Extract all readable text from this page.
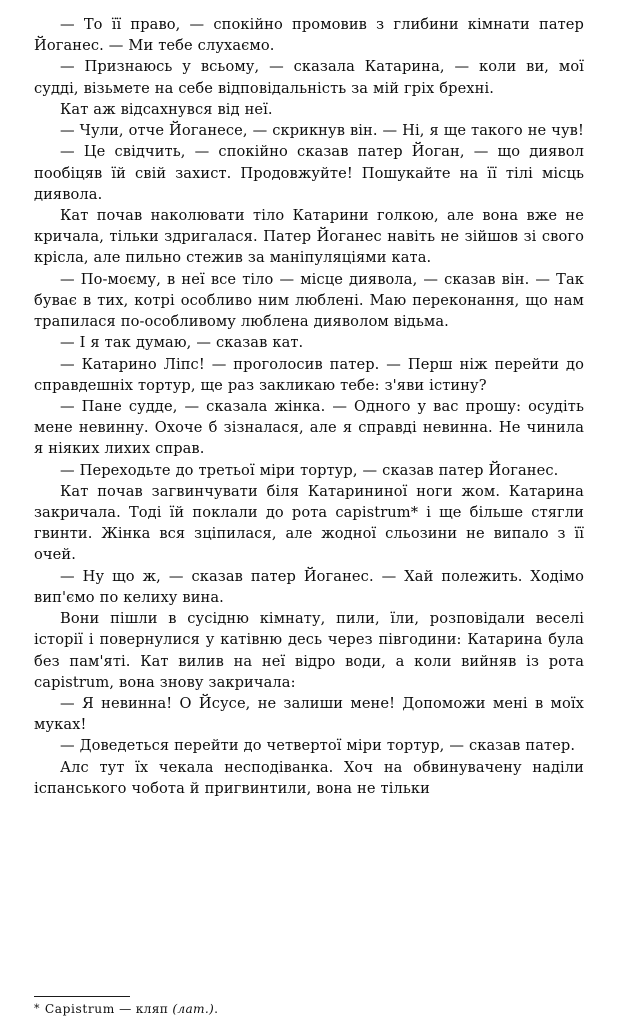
— То її право, — спокійно промовив з глибини кімнати патер Йоганес. — Ми тебе слухаємо.

— Признаюсь у всьому, — сказала Катарина, — коли ви, мої судді, візьмете на себе відповідальність за мій гріх брехні.

Кат аж відсахнувся від неї.

— Чули, отче Йоганесе, — скрикнув він. — Ні, я ще такого не чув!

— Це свідчить, — спокійно сказав патер Йоган, — що диявол пообіцяв їй свій захист. Продовжуйте! Пошукайте на її тілі місць диявола.

Кат почав наколювати тіло Катарини голкою, але вона вже не кричала, тільки здригалася. Патер Йоганес навіть не зійшов зі свого крісла, але пильно стежив за маніпуляціями ката.

— По-моєму, в неї все тіло — місце диявола, — сказав він. — Так буває в тих, котрі особливо ним люблені. Маю переконання, що нам трапилася по-особливому люблена дияволом відьма.

— І я так думаю, — сказав кат.

— Катарино Ліпс! — проголосив патер. — Перш ніж перейти до справдешніх тортур, ще раз закликаю тебе: з'яви істину?

— Пане судде, — сказала жінка. — Одного у вас прошу: осудіть мене невинну. Охоче б зізналася, але я справді невинна. Не чинила я ніяких лихих справ.

— Переходьте до третьої міри тортур, — сказав патер Йоганес.

Кат почав загвинчувати біля Катарининої ноги жом. Катарина закричала. Тоді їй поклали до рота capistrum* і ще більше стягли гвинти. Жінка вся зціпилася, але жодної сльозини не випало з її очей.

— Ну що ж, — сказав патер Йоганес. — Хай полежить. Ходімо вип'ємо по келиху вина.

Вони пішли в сусідню кімнату, пили, їли, розповідали веселі історії і повернулися у катівню десь через півгодини: Катарина була без пам'яті. Кат вилив на неї відро води, а коли вийняв із рота capistrum, вона знову закричала:

— Я невинна! О Йсусе, не залиши мене! Допоможи мені в моїх муках!

— Доведеться перейти до четвертої міри тортур, — сказав патер.

Алс тут їх чекала несподіванка. Хоч на обвинувачену наділи іспанського чобота й пригвинтили, вона не тільки

* Capistrum — кляп (лат.).
